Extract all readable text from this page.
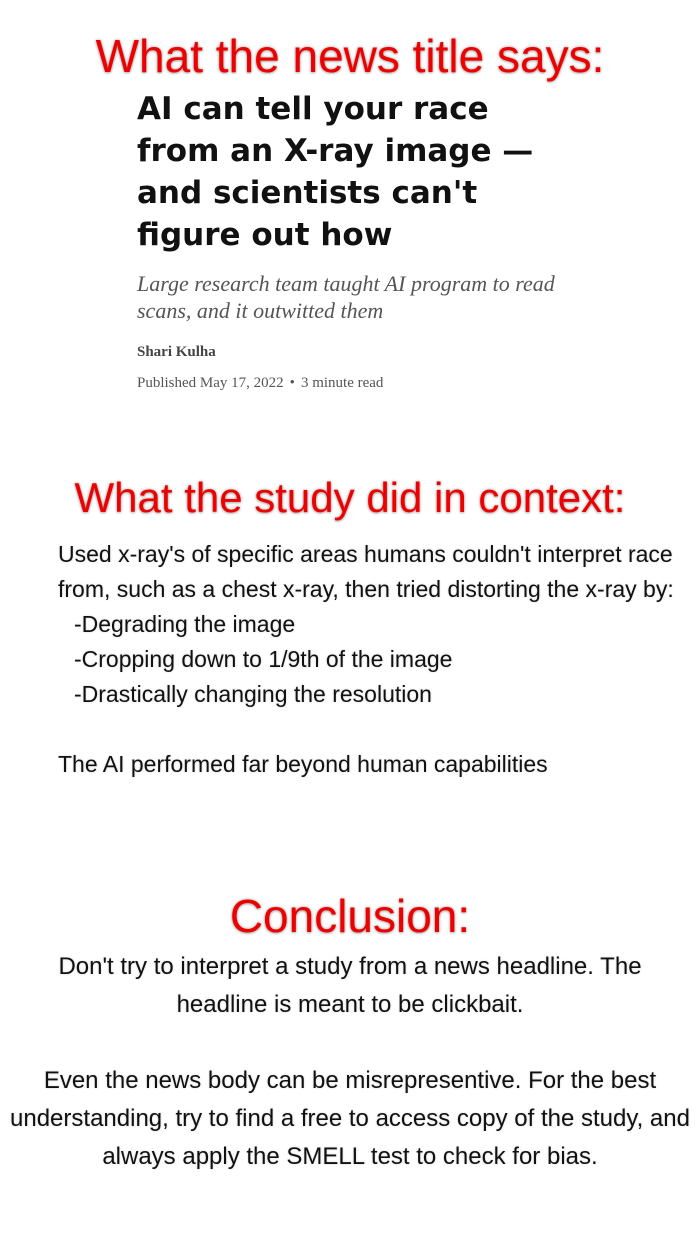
What the news title says:
AI can tell your race from an X-ray image — and scientists can't figure out how

Large research team taught AI program to read scans, and it outwitted them

Shari Kulha

Published May 17, 2022 • 3 minute read

What the study did in context:

Used x-ray's of specific areas humans couldn't interpret race from, such as a chest x-ray, then tried distorting the x-ray by:

-Degrading the image
-Cropping down to 1/9th of the image
-Drastically changing the resolution

The AI performed far beyond human capabilities

Conclusion:

Don't try to interpret a study from a news headline. The headline is meant to be clickbait.

Even the news body can be misrepresentive. For the best understanding, try to find a free to access copy of the study, and always apply the SMELL test to check for bias.
